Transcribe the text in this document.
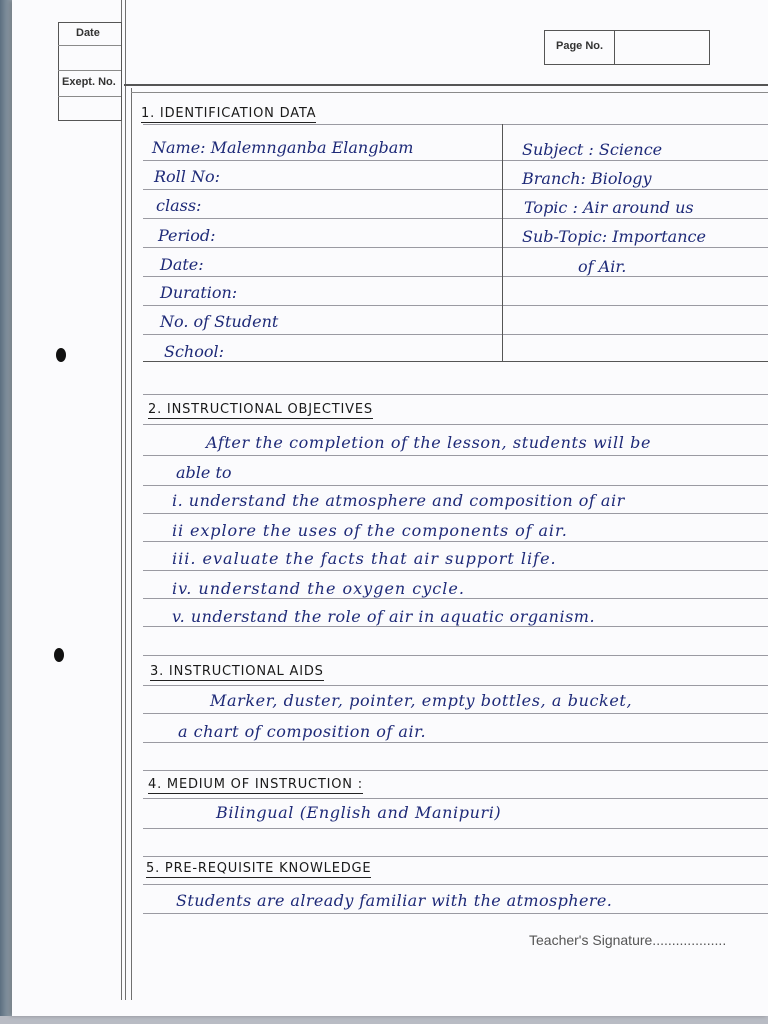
Date
Exept. No.
Page No.
1. IDENTIFICATION DATA
Name: Malemnganba Elangbam
Roll No:
class:
Period:
Date:
Duration:
No. of Student
School:
Subject : Science
Branch: Biology
Topic : Air around us
Sub-Topic: Importance
of Air.
2. INSTRUCTIONAL OBJECTIVES
After the completion of the lesson, students will be
able to
i. understand the atmosphere and composition of air
ii explore the uses of the components of air.
iii. evaluate the facts that air support life.
iv. understand the oxygen cycle.
v. understand the role of air in aquatic organism.
3. INSTRUCTIONAL AIDS
Marker, duster, pointer, empty bottles, a bucket,
a chart of composition of air.
4. MEDIUM OF INSTRUCTION :
Bilingual (English and Manipuri)
5. PRE-REQUISITE KNOWLEDGE
Students are already familiar with the atmosphere.
Teacher's Signature...................
